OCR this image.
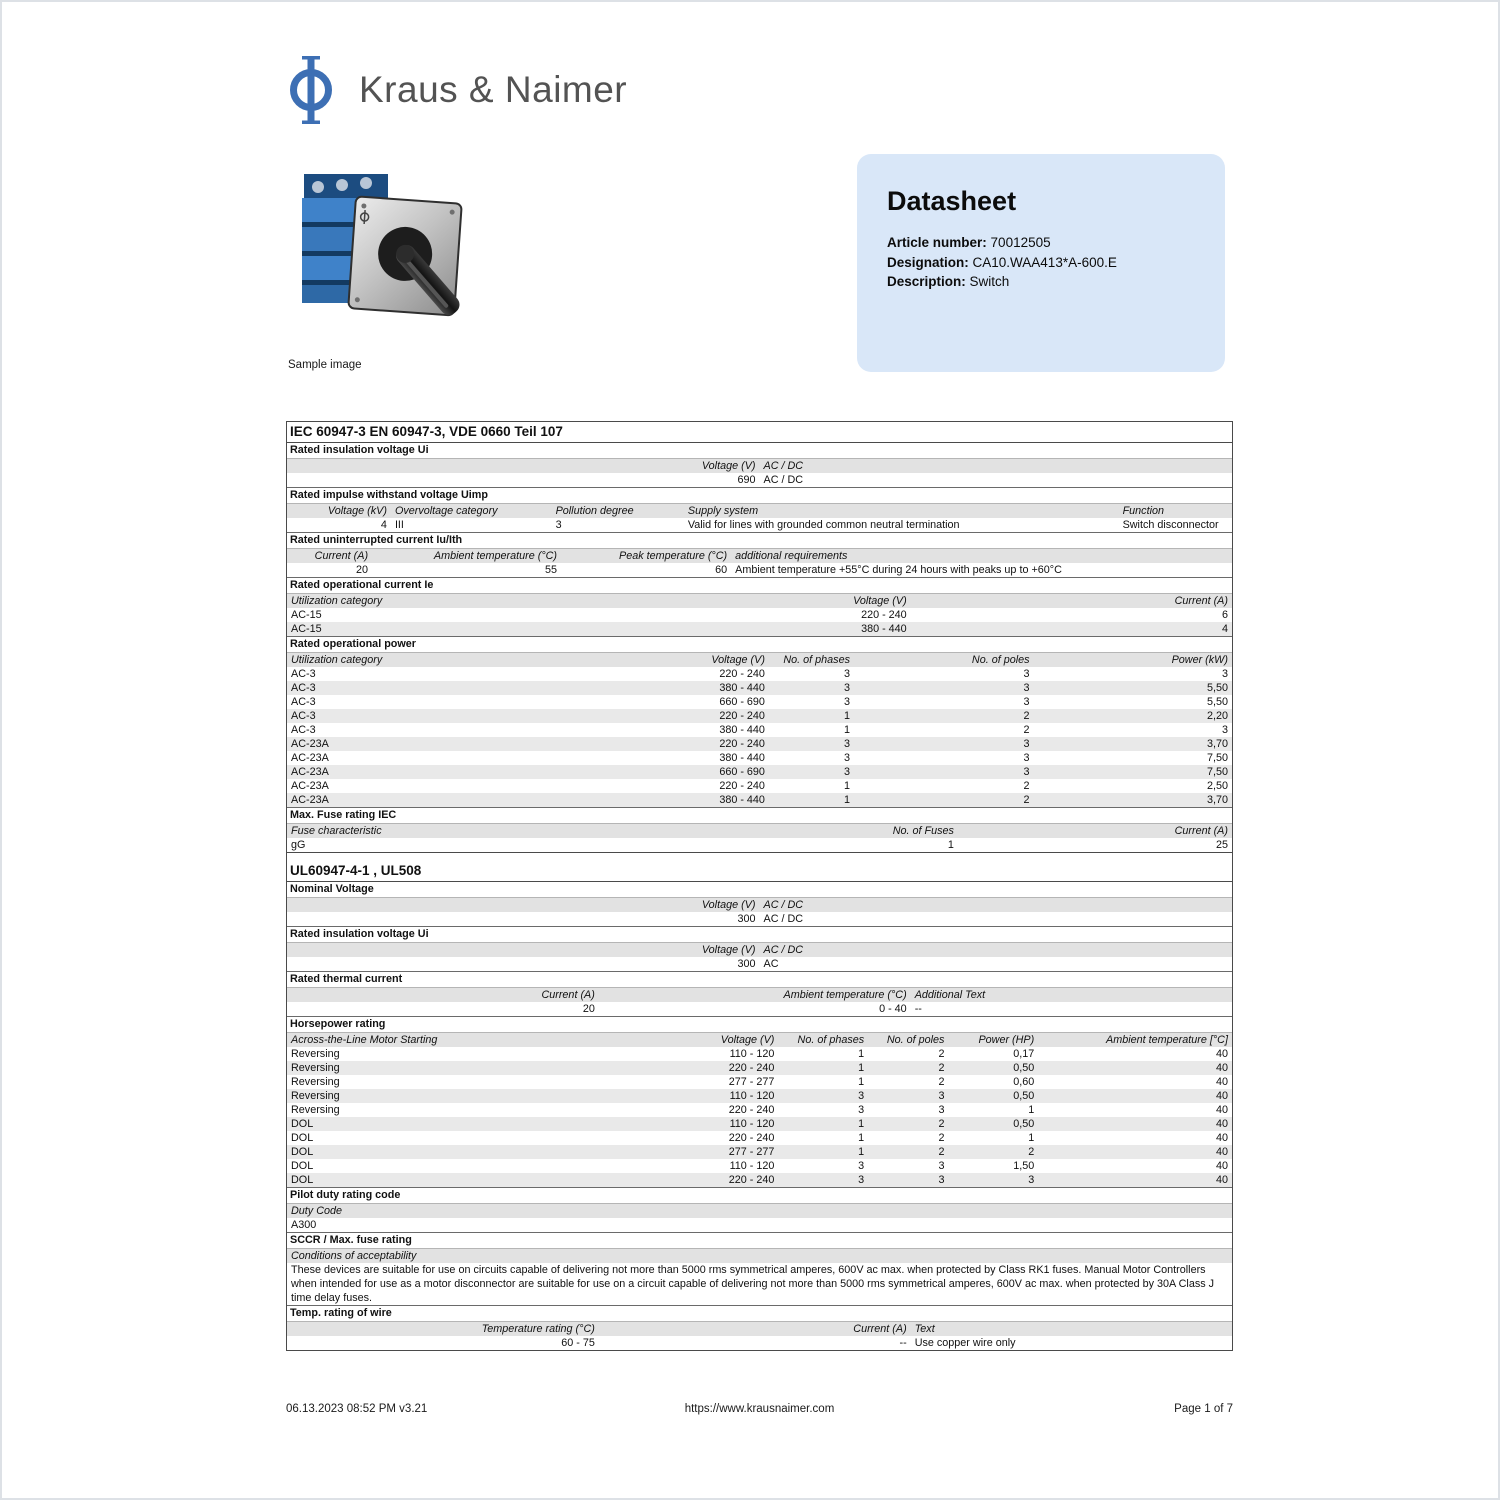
Kraus & Naimer
Sample image
Datasheet
Article number: 70012505
Designation: CA10.WAA413*A-600.E
Description: Switch
IEC 60947-3 EN 60947-3, VDE 0660 Teil 107
Rated insulation voltage Ui
Voltage (V) AC / DC
690 AC / DC
Rated impulse withstand voltage Uimp
Voltage (kV) Overvoltage category	Pollution degree	Supply system	Function
4 III	3	Valid for lines with grounded common neutral termination	Switch disconnector
Rated uninterrupted current Iu/Ith
Current (A)	Ambient temperature (°C)	Peak temperature (°C) additional requirements
20	55	60 Ambient temperature +55°C during 24 hours with peaks up to +60°C
Rated operational current Ie
Utilization category	Voltage (V)	Current (A)
AC-15	220 - 240	6
AC-15	380 - 440	4
Rated operational power
Utilization category	Voltage (V)	No. of phases	No. of poles	Power (kW)
AC-3	220 - 240	3	3	3
AC-3	380 - 440	3	3	5,50
AC-3	660 - 690	3	3	5,50
AC-3	220 - 240	1	2	2,20
AC-3	380 - 440	1	2	3
AC-23A	220 - 240	3	3	3,70
AC-23A	380 - 440	3	3	7,50
AC-23A	660 - 690	3	3	7,50
AC-23A	220 - 240	1	2	2,50
AC-23A	380 - 440	1	2	3,70
Max. Fuse rating IEC
Fuse characteristic	No. of Fuses	Current (A)
gG	1	25
UL60947-4-1 , UL508
Nominal Voltage
Voltage (V) AC / DC
300 AC / DC
Rated insulation voltage Ui
Voltage (V) AC / DC
300 AC
Rated thermal current
Current (A)	Ambient temperature (°C) Additional Text
20	0 - 40 --
Horsepower rating
Across-the-Line Motor Starting	Voltage (V)	No. of phases	No. of poles	Power (HP)	Ambient temperature [°C]
Reversing	110 - 120	1	2	0,17	40
Reversing	220 - 240	1	2	0,50	40
Reversing	277 - 277	1	2	0,60	40
Reversing	110 - 120	3	3	0,50	40
Reversing	220 - 240	3	3	1	40
DOL	110 - 120	1	2	0,50	40
DOL	220 - 240	1	2	1	40
DOL	277 - 277	1	2	2	40
DOL	110 - 120	3	3	1,50	40
DOL	220 - 240	3	3	3	40
Pilot duty rating code
Duty Code
A300
SCCR / Max. fuse rating
Conditions of acceptability
These devices are suitable for use on circuits capable of delivering not more than 5000 rms symmetrical amperes, 600V ac max. when protected by Class RK1 fuses. Manual Motor Controllers when intended for use as a motor disconnector are suitable for use on a circuit capable of delivering not more than 5000 rms symmetrical amperes, 600V ac max. when protected by 30A Class J time delay fuses.
Temp. rating of wire
Temperature rating (°C)	Current (A) Text
60 - 75	-- Use copper wire only
06.13.2023 08:52 PM v3.21	https://www.krausnaimer.com	Page 1 of 7
